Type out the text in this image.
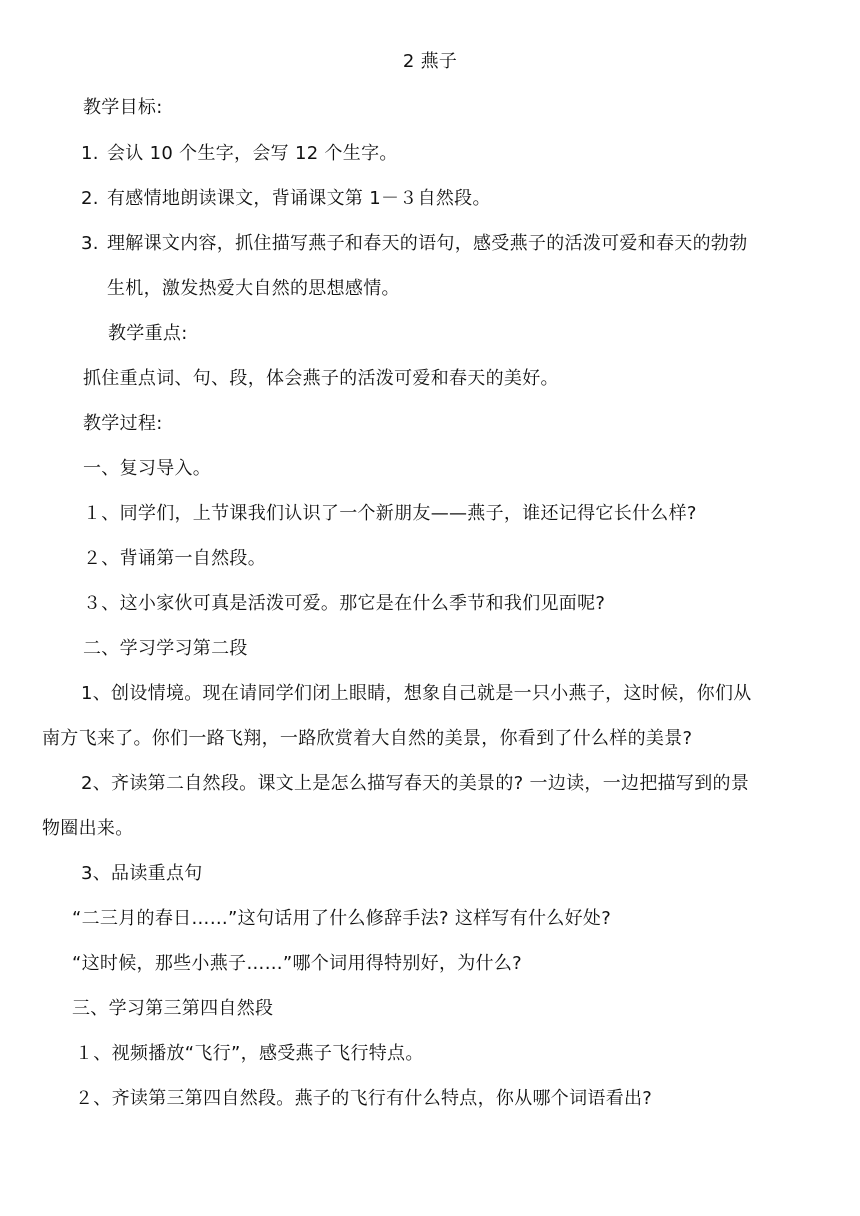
2 燕子
教学目标:
1. 会认 10 个生字，会写 12 个生字。
2. 有感情地朗读课文，背诵课文第 1－３自然段。
3. 理解课文内容，抓住描写燕子和春天的语句，感受燕子的活泼可爱和春天的勃勃
生机，激发热爱大自然的思想感情。
教学重点:
抓住重点词、句、段，体会燕子的活泼可爱和春天的美好。
教学过程:
一、复习导入。
１、同学们，上节课我们认识了一个新朋友——燕子，谁还记得它长什么样?
２、背诵第一自然段。
３、这小家伙可真是活泼可爱。那它是在什么季节和我们见面呢?
二、学习学习第二段
1、创设情境。现在请同学们闭上眼睛，想象自己就是一只小燕子，这时候，你们从
南方飞来了。你们一路飞翔，一路欣赏着大自然的美景，你看到了什么样的美景?
2、齐读第二自然段。课文上是怎么描写春天的美景的? 一边读，一边把描写到的景
物圈出来。
3、品读重点句
“二三月的春日……”这句话用了什么修辞手法? 这样写有什么好处?
“这时候，那些小燕子……”哪个词用得特别好，为什么?
三、学习第三第四自然段
１、视频播放“飞行”，感受燕子飞行特点。
２、齐读第三第四自然段。燕子的飞行有什么特点，你从哪个词语看出?
